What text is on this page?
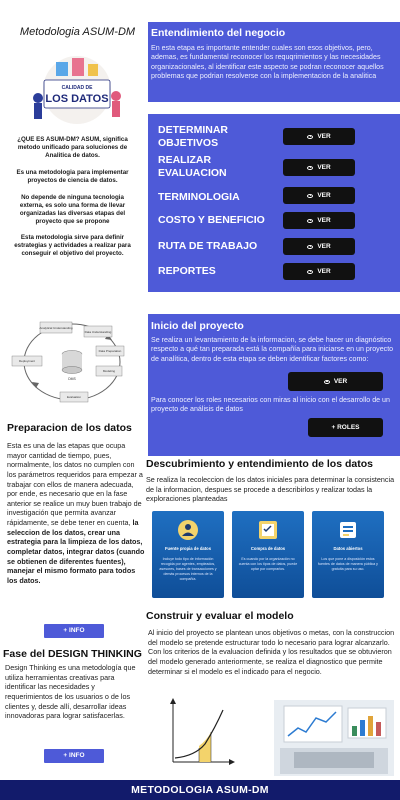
Metodologia ASUM-DM
CALIDAD DE
LOS DATOS

¿QUE ES ASUM-DM? ASUM, significa metodo unificado para soluciones de Analitica de datos.

Es una metodologia para implementar proyectos de ciencia de datos.

No depende de ninguna tecnologia externa, es solo una forma de llevar organizadas las diversas etapas del proyecto que se propone

Esta metodologia sirve para definir estrategias y actividades a realizar para conseguir el objetivo del proyecto.

Analytical Understanding
Data Understanding
Data Preparation
Modeling
Evaluation
Deployment
DMS
Preparacion de los datos
Esta es una de las etapas que ocupa mayor cantidad de tiempo, pues, normalmente, los datos no cumplen con los parámetros requeridos para empezar a trabajar con ellos de manera adecuada, por ende, es necesario que en la fase anterior se realice un muy buen trabajo de investigación que permita avanzar rápidamente, se debe tener en cuenta, la seleccion de los datos, crear una estrategia para la limpieza de los datos, completar datos, integrar datos (cuando se obtienen de diferentes fuentes), manejar el mismo formato para todos los datos.
+ INFO
Fase del DESIGN THINKING
Design Thinking es una metodología que utiliza herramientas creativas para identificar las necesidades y requerimientos de los usuarios o de los clientes y, desde allí, desarrollar ideas innovadoras para lograr satisfacerlas.
+ INFO
Entendimiento del negocio
En esta etapa es importante entender cuales son esos objetivos, pero, ademas, es fundamental reconocer los requqrimientos y las necesidades organizacionales, al identificar este aspecto se podran reconocer aquellos problemas que podrian resolverse con la implementacion de la analitica
DETERMINAR OBJETIVOS
VER
REALIZAR EVALUACION	VER
TERMINOLOGIA	VER
COSTO Y BENEFICIO	VER
RUTA DE TRABAJO	VER
REPORTES	VER
Inicio del proyecto
Se realiza un levantamiento de la informacion, se debe hacer un diagnóstico respecto a qué tan preparada está la compañía para iniciarse en un proyecto de analítica, dentro de esta etapa se deben identificar factores como:
VER
Para conocer los roles necesarios con miras al inicio con el desarrollo de un proyecto de análisis de datos
+ ROLES
Descubrimiento y entendimiento de los datos
Se realiza la recoleccion de los datos iniciales para determinar la consistencia de la informacion, despues se procede a describirlos y realizar todas la exploraciones planteadas
Fuente propia de datos
Incluye todo tipo de información recogida por agentes, empleados, asesores, bases de transacciones y demás procesos internos de la compañía.
Compra de datos
Es cuando por la organización no cuenta con los tipos de datos, puede optar por comprarlos.
Datos abiertos
Los que pone a disposición estos fuentes de datos de manera pública y gratuita para su uso.
Construir y evaluar el modelo
Al inicio del proyecto se plantean unos objetivos o metas, con la construccion del modelo se pretende estructurar todo lo necesario para lograr alcanzarlo. Con los criterios de la evaluacion definida y los resultados que se obtuvieron del modelo generado anteriormente, se realiza el diagnostico que permite determinar si el modelo es el indicado para el negocio.
METODOLOGIA ASUM-DM
